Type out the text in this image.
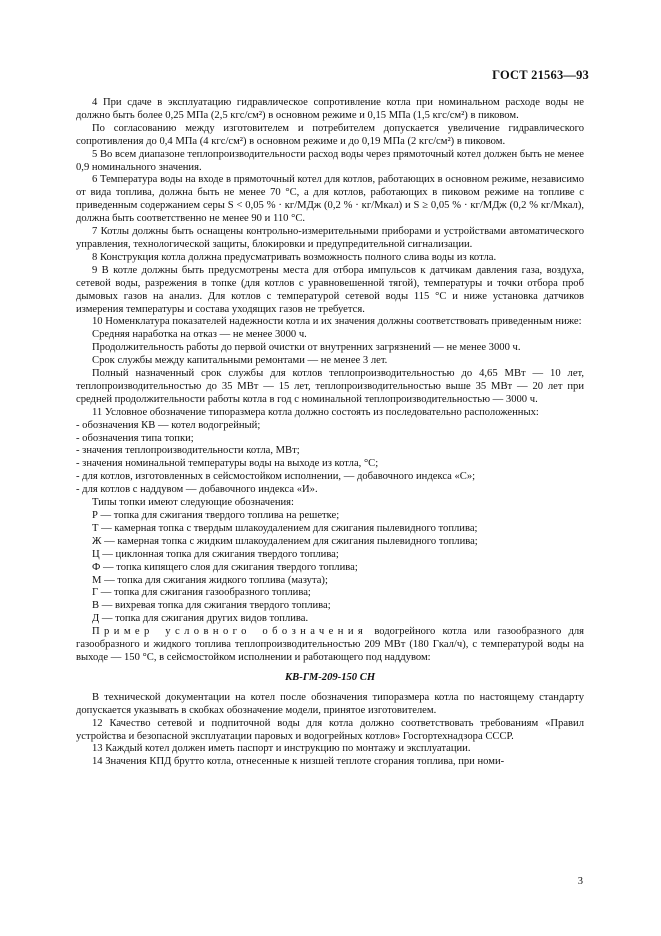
ГОСТ 21563—93

4 При сдаче в эксплуатацию гидравлическое сопротивление котла при номинальном расходе воды не должно быть более 0,25 МПа (2,5 кгс/см²) в основном режиме и 0,15 МПа (1,5 кгс/см²) в пиковом.

По согласованию между изготовителем и потребителем допускается увеличение гидравлического сопротивления до 0,4 МПа (4 кгс/см²) в основном режиме и до 0,19 МПа (2 кгс/см²) в пиковом.

5 Во всем диапазоне теплопроизводительности расход воды через прямоточный котел должен быть не менее 0,9 номинального значения.

6 Температура воды на входе в прямоточный котел для котлов, работающих в основном режиме, независимо от вида топлива, должна быть не менее 70 °С, а для котлов, работающих в пиковом режиме на топливе с приведенным содержанием серы S < 0,05 % · кг/МДж (0,2 % · кг/Мкал) и S ≥ 0,05 % · кг/МДж (0,2 % кг/Мкал), должна быть соответственно не менее 90 и 110 °С.

7 Котлы должны быть оснащены контрольно-измерительными приборами и устройствами автоматического управления, технологической защиты, блокировки и предупредительной сигнализации.

8 Конструкция котла должна предусматривать возможность полного слива воды из котла.

9 В котле должны быть предусмотрены места для отбора импульсов к датчикам давления газа, воздуха, сетевой воды, разрежения в топке (для котлов с уравновешенной тягой), температуры и точки отбора проб дымовых газов на анализ. Для котлов с температурой сетевой воды 115 °С и ниже установка датчиков измерения температуры и состава уходящих газов не требуется.

10 Номенклатура показателей надежности котла и их значения должны соответствовать приведенным ниже:

Средняя наработка на отказ — не менее 3000 ч.

Продолжительность работы до первой очистки от внутренних загрязнений — не менее 3000 ч.

Срок службы между капитальными ремонтами — не менее 3 лет.

Полный назначенный срок службы для котлов теплопроизводительностью до 4,65 МВт — 10 лет, теплопроизводительностью до 35 МВт — 15 лет, теплопроизводительностью выше 35 МВт — 20 лет при средней продолжительности работы котла в год с номинальной теплопроизводительностью — 3000 ч.

11 Условное обозначение типоразмера котла должно состоять из последовательно расположенных:

- обозначения КВ — котел водогрейный;

- обозначения типа топки;

- значения теплопроизводительности котла, МВт;

- значения номинальной температуры воды на выходе из котла, °С;

- для котлов, изготовленных в сейсмостойком исполнении, — добавочного индекса «С»;

- для котлов с наддувом — добавочного индекса «И».

Типы топки имеют следующие обозначения:

Р — топка для сжигания твердого топлива на решетке;

Т — камерная топка с твердым шлакоудалением для сжигания пылевидного топлива;

Ж — камерная топка с жидким шлакоудалением для сжигания пылевидного топлива;

Ц — циклонная топка для сжигания твердого топлива;

Ф — топка кипящего слоя для сжигания твердого топлива;

М — топка для сжигания жидкого топлива (мазута);

Г — топка для сжигания газообразного топлива;

В — вихревая топка для сжигания твердого топлива;

Д — топка для сжигания других видов топлива.

Пример условного обозначения водогрейного котла или газообразного для газообразного и жидкого топлива теплопроизводительностью 209 МВт (180 Гкал/ч), с температурой воды на выходе — 150 °С, в сейсмостойком исполнении и работающего под наддувом:

КВ-ГМ-209-150 СН

В технической документации на котел после обозначения типоразмера котла по настоящему стандарту допускается указывать в скобках обозначение модели, принятое изготовителем.

12 Качество сетевой и подпиточной воды для котла должно соответствовать требованиям «Правил устройства и безопасной эксплуатации паровых и водогрейных котлов» Госгортехнадзора СССР.

13 Каждый котел должен иметь паспорт и инструкцию по монтажу и эксплуатации.

14 Значения КПД брутто котла, отнесенные к низшей теплоте сгорания топлива, при номи-

3
